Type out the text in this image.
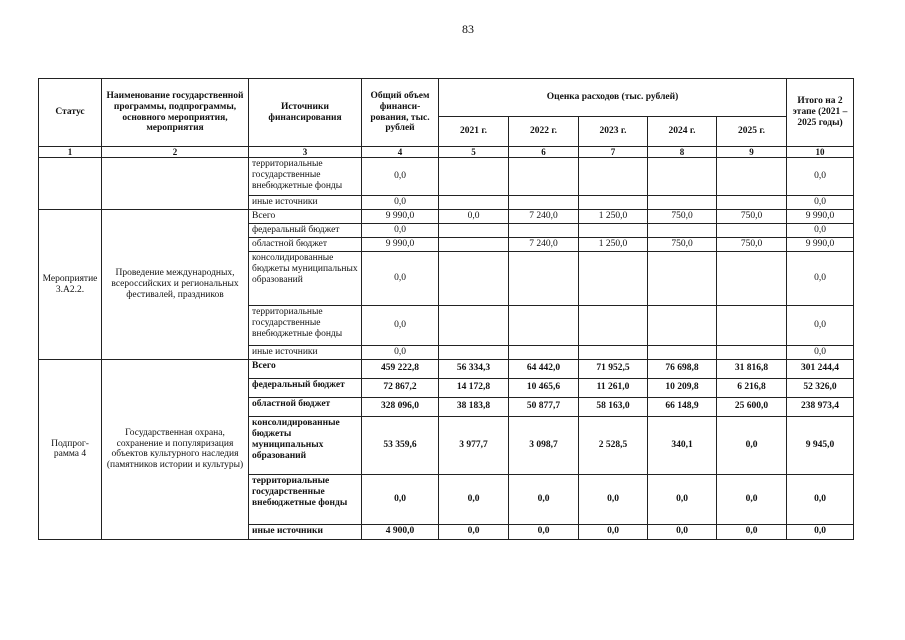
83
Статус	Наименование государственной программы, подпрограммы, основного мероприятия, мероприятия	Источники финансирования	Общий объем финанси-рования, тыс. рублей	Оценка расходов (тыс. рублей)					Итого на 2 этапе (2021 – 2025 годы)
				2021 г.	2022 г.	2023 г.	2024 г.	2025 г.	
1	2	3	4	5	6	7	8	9	10
		территориальные государственные внебюджетные фонды	0,0						0,0
		иные источники	0,0						0,0
Мероприятие 3.А2.2.	Проведение международных, всероссийских и региональных фестивалей, праздников	Всего	9 990,0	0,0	7 240,0	1 250,0	750,0	750,0	9 990,0
		федеральный бюджет	0,0						0,0
		областной бюджет	9 990,0		7 240,0	1 250,0	750,0	750,0	9 990,0
		консолидированные бюджеты муниципальных образований	0,0						0,0
		территориальные государственные внебюджетные фонды	0,0						0,0
		иные источники	0,0						0,0
Подпрог-рамма 4	Государственная охрана, сохранение и популяризация объектов культурного наследия (памятников истории и культуры)	Всего	459 222,8	56 334,3	64 442,0	71 952,5	76 698,8	31 816,8	301 244,4
		федеральный бюджет	72 867,2	14 172,8	10 465,6	11 261,0	10 209,8	6 216,8	52 326,0
		областной бюджет	328 096,0	38 183,8	50 877,7	58 163,0	66 148,9	25 600,0	238 973,4
		консолидированные бюджеты муниципальных образований	53 359,6	3 977,7	3 098,7	2 528,5	340,1	0,0	9 945,0
		территориальные государственные внебюджетные фонды	0,0	0,0	0,0	0,0	0,0	0,0	0,0
		иные источники	4 900,0	0,0	0,0	0,0	0,0	0,0	0,0
